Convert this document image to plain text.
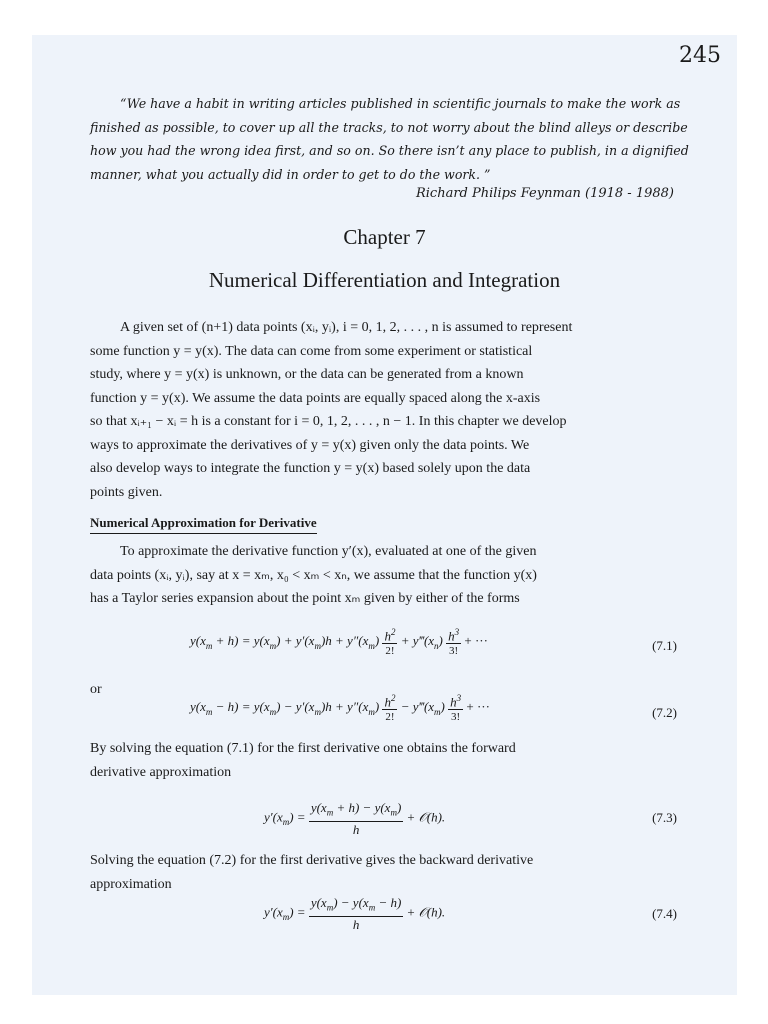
245
“We have a habit in writing articles published in scientific journals to make the work as
finished as possible, to cover up all the tracks, to not worry about the blind alleys or describe
how you had the wrong idea first, and so on. So there isn’t any place to publish, in a dignified
manner, what you actually did in order to get to do the work. ”
Richard Philips Feynman (1918 - 1988)
Chapter 7
Numerical Differentiation and Integration
A given set of (n+1) data points (xᵢ, yᵢ), i = 0, 1, 2, . . . , n is assumed to represent
some function y = y(x). The data can come from some experiment or statistical
study, where y = y(x) is unknown, or the data can be generated from a known
function y = y(x). We assume the data points are equally spaced along the x-axis
so that xᵢ₊₁ − xᵢ = h is a constant for i = 0, 1, 2, . . . , n − 1. In this chapter we develop
ways to approximate the derivatives of y = y(x) given only the data points. We
also develop ways to integrate the function y = y(x) based solely upon the data
points given.
Numerical Approximation for Derivative
To approximate the derivative function y′(x), evaluated at one of the given
data points (xᵢ, yᵢ), say at x = xₘ, x₀ < xₘ < xₙ, we assume that the function y(x)
has a Taylor series expansion about the point xₘ given by either of the forms
$y(x_m + h) = y(x_m) + y'(x_m)h + y''(x_m) \frac{h^2}{2!}$ + $y‴(x_n) \frac{h^3}{3!}$ + ···	(7.1)
or
$y(x_m - h) = y(x_m) - y'(x_m)h + y''(x_m) \frac{h^2}{2!}$ − $y‴(x_m) \frac{h^3}{3!}$ + ···	(7.2)
By solving the equation (7.1) for the first derivative one obtains the forward
derivative approximation
$y'(x_m) = \frac{y(x_m + h) - y(x_m)}{h}$ + 𝒪(h).	(7.3)
Solving the equation (7.2) for the first derivative gives the backward derivative
approximation
$y'(x_m) = \frac{y(x_m) - y(x_m - h)}{h}$ + 𝒪(h).	(7.4)
